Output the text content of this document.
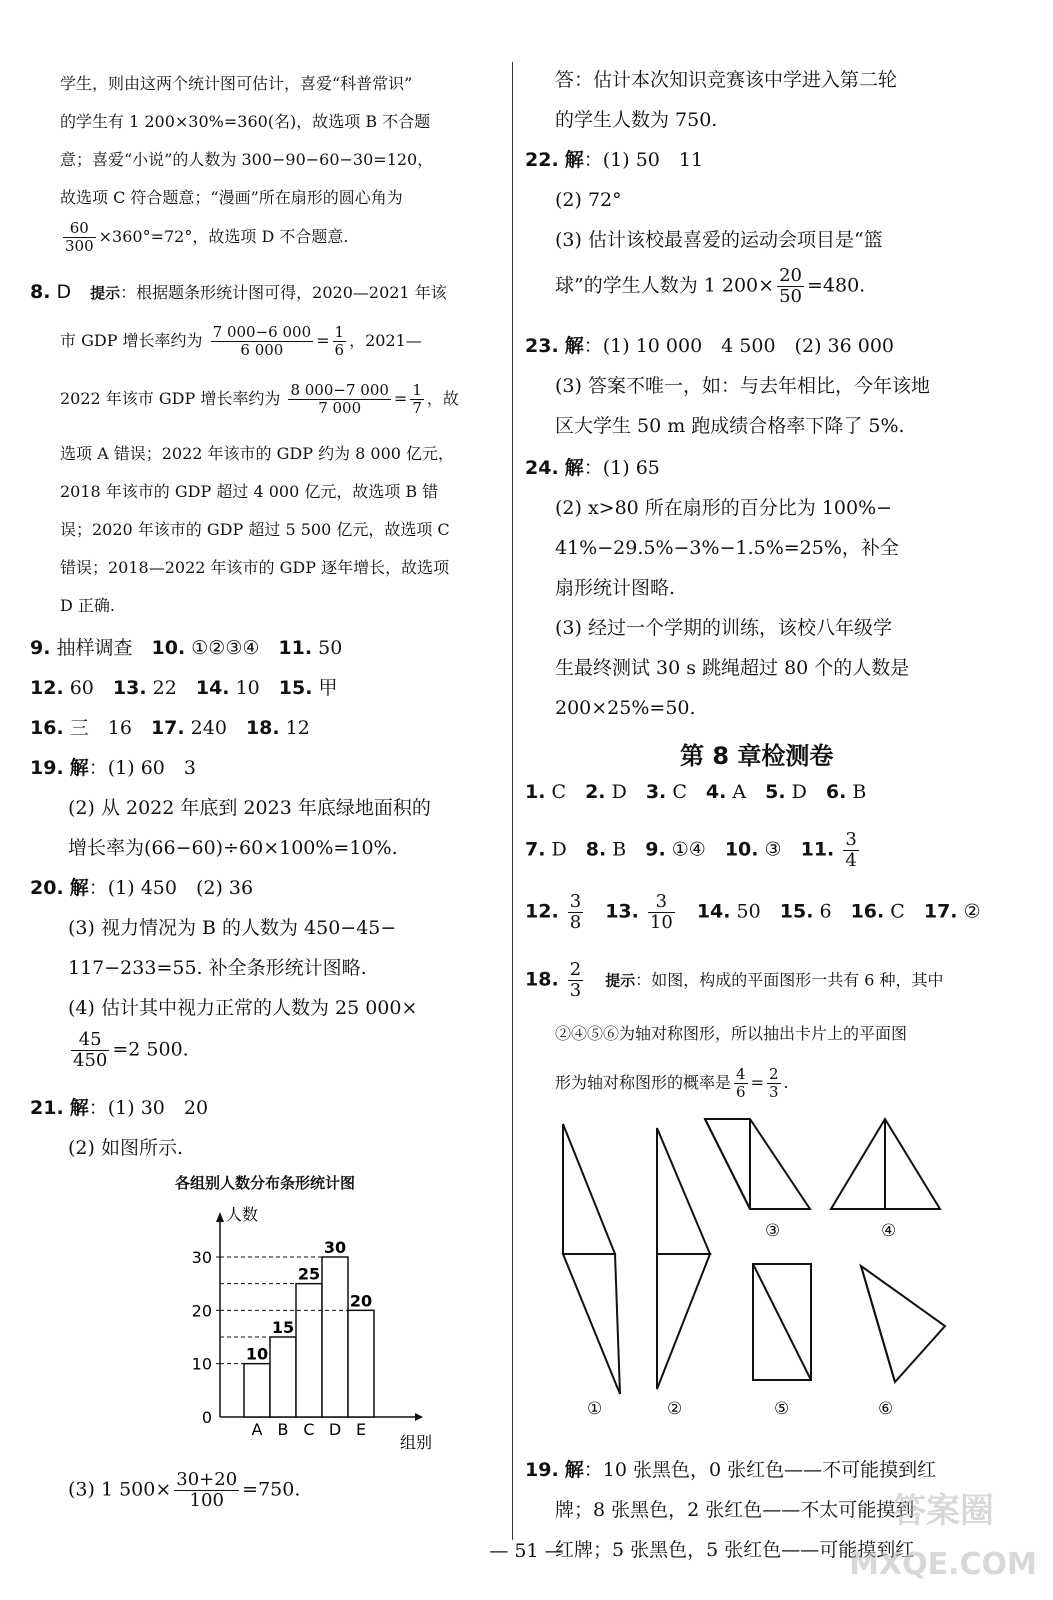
学生，则由这两个统计图可估计，喜爱“科普常识”
的学生有 1 200×30%=360(名)，故选项 B 不合题
意；喜爱“小说”的人数为 300−90−60−30=120，
故选项 C 符合题意；“漫画”所在扇形的圆心角为
$\frac{60}{300} \times 360^\circ=72^\circ$，故选项 D 不合题意.
8. D　 提示：根据题条形统计图可得，2020—2021 年该
市 GDP 增长率约为 $\frac{7 000-6 000}{6 000} = \frac{1}{6}$ ，2021—
2022 年该市 GDP 增长率约为 $\frac{8 000-7 000}{7 000} = \frac{1}{7}$ ，故
选项 A 错误；2022 年该市的 GDP 约为 8 000 亿元，
2018 年该市的 GDP 超过 4 000 亿元，故选项 B 错
误；2020 年该市的 GDP 超过 5 500 亿元，故选项 C
错误；2018—2022 年该市的 GDP 逐年增长，故选项
D 正确.
9. 抽样调查　 10. ①②③④　 11. 50
12. 60　 13. 22　 14. 10　 15. 甲
16. 三　 16　 17. 240　 18. 12
19. 解：(1) 60　3
(2) 从 2022 年底到 2023 年底绿地面积的
增长率为(66−60)÷60×100%=10%.
20. 解：(1) 450　(2) 36
(3) 视力情况为 B 的人数为 450−45−
117−233=55. 补全条形统计图略.
(4) 估计其中视力正常的人数为 25 000×
$\frac{45}{450} =2$ 500.
21. 解：(1) 30　20
(2) 如图所示.
各组别人数分布条形统计图
0
10
20
30
人数
组别
10
A
15
B
25
C
30
D
20
E
(3) 1 $500\times \frac{30+20}{100} =750$.
答：估计本次知识竞赛该中学进入第二轮
的学生人数为 750.
22. 解：(1) 50　11
(2) 72°
(3) 估计该校最喜爱的运动会项目是“篮
球”的学生人数为 1 $200\times \frac{20}{50} =480$.
23. 解：(1) 10 000　4 500　(2) 36 000
(3) 答案不唯一，如：与去年相比，今年该地
区大学生 50 m 跑成绩合格率下降了 5%.
24. 解：(1) 65
(2) x>80 所在扇形的百分比为 100%−
41%−29.5%−3%−1.5%=25%，补全
扇形统计图略.
(3) 经过一个学期的训练，该校八年级学
生最终测试 30 s 跳绳超过 80 个的人数是
200×25%=50.
第 8 章检测卷
1. C　 2. D　 3. C　 4. A　 5. D　 6. B
7. D　 8. B　 9. ①④　 10. ③　 11. $\frac{3}{4}$
12. $\frac{3}{8}$
　 13. $\frac{3}{10}$
　 14. 50　 15. 6　 16. C　 17. ②
18. $\frac{2}{3}$
　 提示：如图，构成的平面图形一共有 6 种，其中
②④⑤⑥为轴对称图形，所以抽出卡片上的平面图
形为轴对称图形的概率是 $\frac{4}{6} = \frac{2}{3}$ .
①	②
③	④
⑤	⑥
19. 解：10 张黑色，0 张红色——不可能摸到红
牌；8 张黑色，2 张红色——不太可能摸到
红牌；5 张黑色，5 张红色——可能摸到红
— 51 —
答案圈
MXQE.COM
